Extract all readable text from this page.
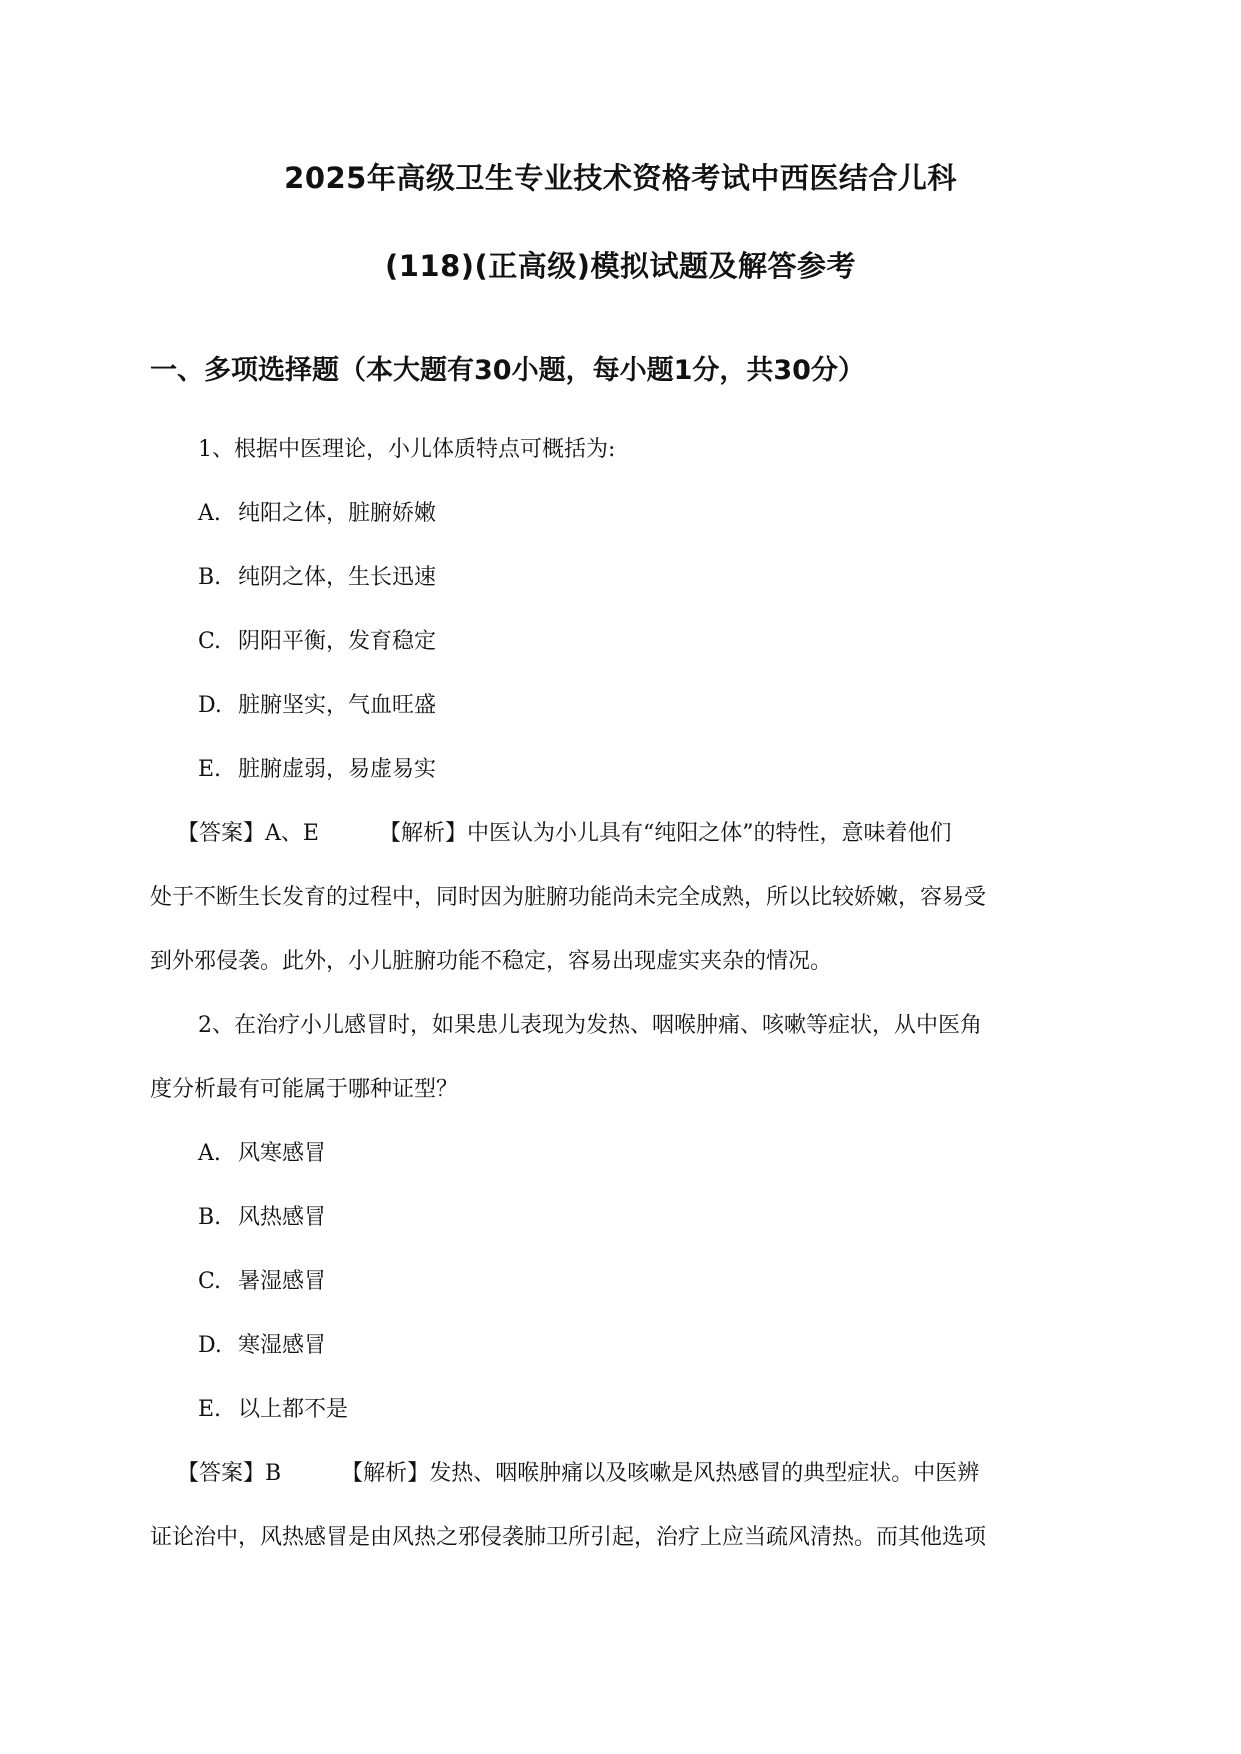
2025年高级卫生专业技术资格考试中西医结合儿科
(118)(正高级)模拟试题及解答参考
一、多项选择题（本大题有30小题，每小题1分，共30分）
1、根据中医理论，小儿体质特点可概括为:
A. 纯阳之体，脏腑娇嫩
B. 纯阴之体，生长迅速
C. 阴阳平衡，发育稳定
D. 脏腑坚实，气血旺盛
E. 脏腑虚弱，易虚易实
【答案】A、E	【解析】中医认为小儿具有“纯阳之体”的特性，意味着他们
处于不断生长发育的过程中，同时因为脏腑功能尚未完全成熟，所以比较娇嫩，容易受
到外邪侵袭。此外，小儿脏腑功能不稳定，容易出现虚实夹杂的情况。
2、在治疗小儿感冒时，如果患儿表现为发热、咽喉肿痛、咳嗽等症状，从中医角
度分析最有可能属于哪种证型？
A. 风寒感冒
B. 风热感冒
C. 暑湿感冒
D. 寒湿感冒
E. 以上都不是
【答案】B	【解析】发热、咽喉肿痛以及咳嗽是风热感冒的典型症状。中医辨
证论治中，风热感冒是由风热之邪侵袭肺卫所引起，治疗上应当疏风清热。而其他选项
